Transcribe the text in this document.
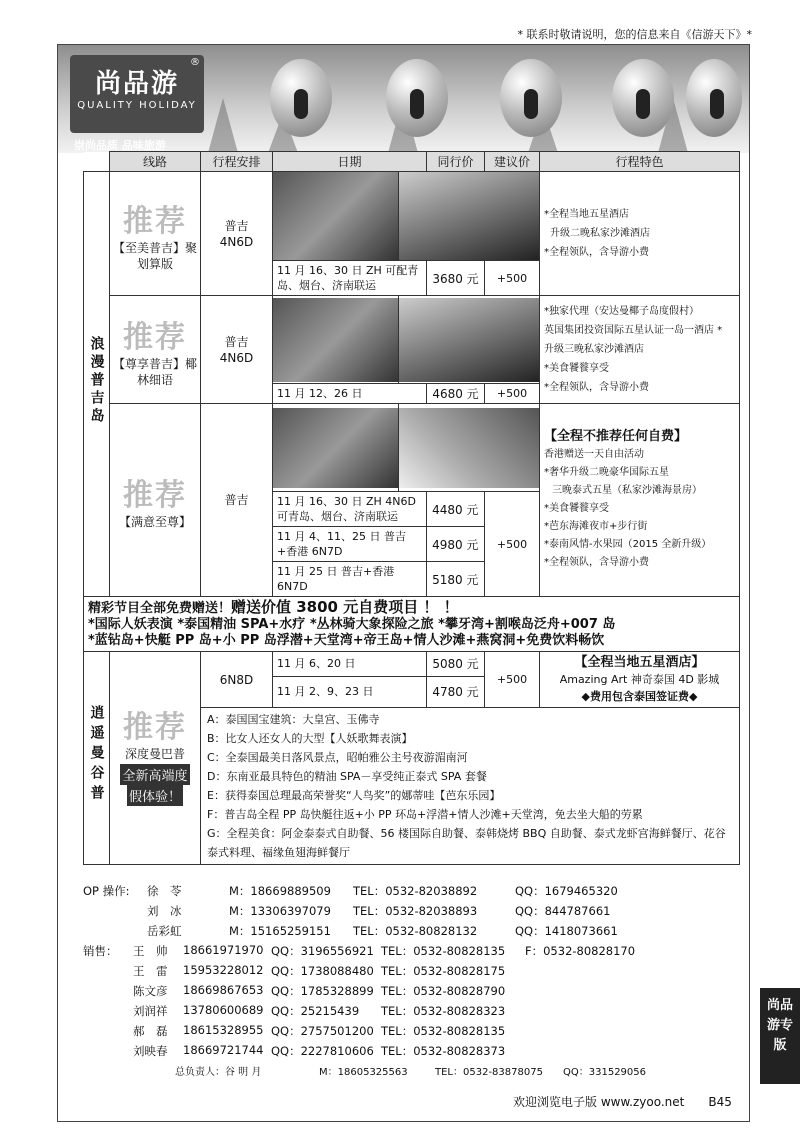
* 联系时敬请说明，您的信息来自《信游天下》*
®
尚品游
QUALITY HOLIDAY
崇尚品质 品味旅游
	线路	行程安排	日期	同行价	建议价	行程特色
浪漫普吉岛	
推荐
【至美普吉】聚划算版
	普吉
4N6D	

*全程当地五星酒店
升级二晚私家沙滩酒店
*全程领队，含导游小费

11 月 16、30 日 ZH 可配青岛、烟台、济南联运	3680 元	+500

推荐
【尊享普吉】椰林细语
	普吉
4N6D	

*独家代理（安达曼椰子岛度假村）
英国集团投资国际五星认证一岛一酒店 *
升级三晚私家沙滩酒店
*美食饕餮享受
*全程领队，含导游小费

11 月 12、26 日	4680 元	+500

推荐
【满意至尊】
	普吉	

【全程不推荐任何自费】
香港赠送一天自由活动
*奢华升级二晚豪华国际五星
三晚泰式五星（私家沙滩海景房）
*美食饕餮享受
*芭东海滩夜市+步行街
*泰南风情-水果园（2015 全新升级）
*全程领队，含导游小费

11 月 16、30 日 ZH 4N6D 可青岛、烟台、济南联运	4480 元
11 月 4、11、25 日 普吉+香港 6N7D	4980 元
11 月 25 日 普吉+香港 6N7D	5180 元
	+500

精彩节目全部免费赠送！赠送价值 3800 元自费项目 ！ ！
*国际人妖表演 *泰国精油 SPA+水疗 *丛林骑大象探险之旅 *攀牙湾+割喉岛泛舟+007 岛
*蓝钻岛+快艇 PP 岛+小 PP 岛浮潜+天堂湾+帝王岛+情人沙滩+燕窝洞+免费饮料畅饮

逍遥曼谷普	推荐
深度曼巴普
全新高端度 假体验！	6N8D	11 月 6、20 日	5080 元	+500	
【全程当地五星酒店】
Amazing Art 神奇泰国 4D 影城
◆费用包含泰国签证费◆

11 月 2、9、23 日	4780 元

A：泰国国宝建筑：大皇宫、玉佛寺
B：比女人还女人的大型【人妖歌舞表演】
C：全泰国最美日落风景点，昭帕雅公主号夜游湄南河
D：东南亚最具特色的精油 SPA－享受纯正泰式 SPA 套餐
E：获得泰国总理最高荣誉奖“人鸟奖”的娜蒂哇【芭东乐园】
F：普吉岛全程 PP 岛快艇往返+小 PP 环岛+浮潜+情人沙滩+天堂湾，免去坐大船的劳累
G：全程美食：阿金泰泰式自助餐、56 楼国际自助餐、泰韩烧烤 BBQ 自助餐、泰式龙虾宫海鲜餐厅、花谷泰式料理、福缘鱼翅海鲜餐厅
OP 操作: 徐　苓	M：18669889509 TEL：0532-82038892	QQ：1679465320
刘　冰	M：13306397079 TEL：0532-82038893	QQ：844787661
岳彩虹	M：15165259151 TEL：0532-80828132	QQ：1418073661
销售： 王　帅 18661971970 QQ：3196556921 TEL：0532-80828135 F：0532-80828170
王　雷 15953228012 QQ：1738088480 TEL：0532-80828175
陈文彦 18669867653 QQ：1785328899 TEL：0532-80828790
刘润祥 13780600689 QQ：25215439 TEL：0532-80828323
郝　磊 18615328955 QQ：2757501200 TEL：0532-80828135
刘映春 18669721744 QQ：2227810606 TEL：0532-80828373
总负责人：谷 明 月	M：18605325563	TEL：0532-83878075 QQ：331529056
尚品游专版
欢迎浏览电子版 www.zyoo.net B45
